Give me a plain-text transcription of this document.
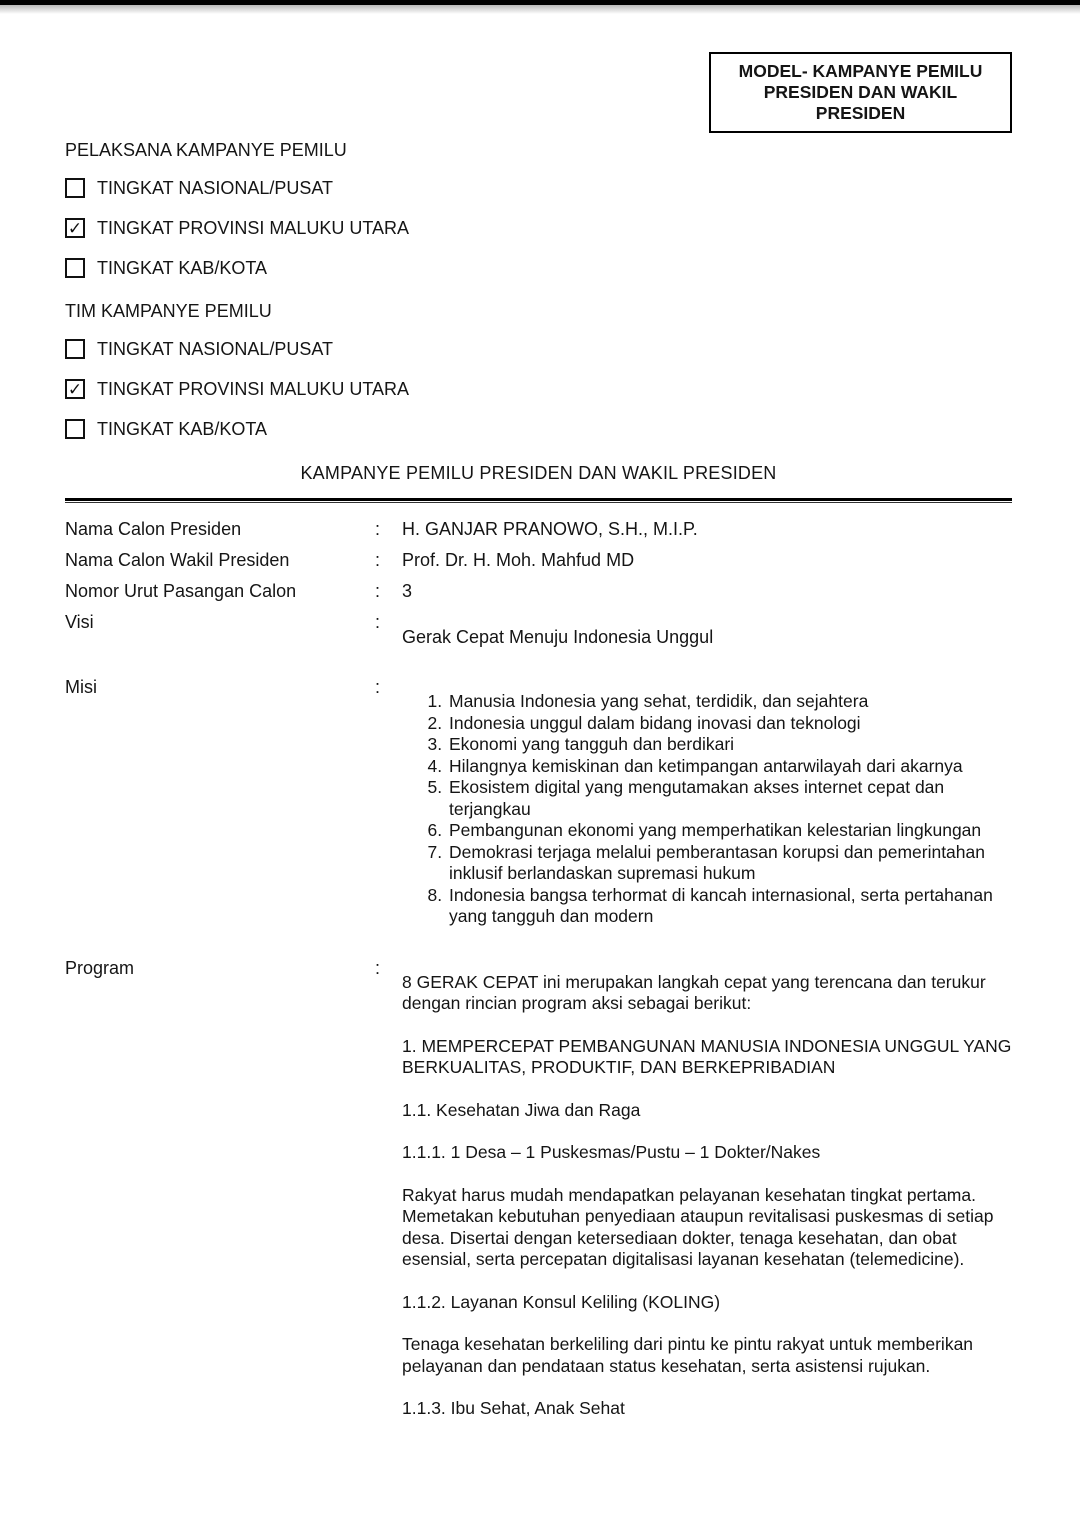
MODEL- KAMPANYE PEMILU PRESIDEN DAN WAKIL PRESIDEN
PELAKSANA KAMPANYE PEMILU
TINGKAT NASIONAL/PUSAT
✓ TINGKAT PROVINSI MALUKU UTARA
TINGKAT KAB/KOTA
TIM KAMPANYE PEMILU
TINGKAT NASIONAL/PUSAT
✓ TINGKAT PROVINSI MALUKU UTARA
TINGKAT KAB/KOTA
KAMPANYE PEMILU PRESIDEN DAN WAKIL PRESIDEN
Nama Calon Presiden	:	H. GANJAR PRANOWO, S.H., M.I.P.
Nama Calon Wakil Presiden	:	Prof. Dr. H. Moh. Mahfud MD
Nomor Urut Pasangan Calon	:	3
Visi	:
Gerak Cepat Menuju Indonesia Unggul
Misi	:
1. Manusia Indonesia yang sehat, terdidik, dan sejahtera
2. Indonesia unggul dalam bidang inovasi dan teknologi
3. Ekonomi yang tangguh dan berdikari
4. Hilangnya kemiskinan dan ketimpangan antarwilayah dari akarnya
5. Ekosistem digital yang mengutamakan akses internet cepat dan terjangkau
6. Pembangunan ekonomi yang memperhatikan kelestarian lingkungan
7. Demokrasi terjaga melalui pemberantasan korupsi dan pemerintahan inklusif berlandaskan supremasi hukum
8. Indonesia bangsa terhormat di kancah internasional, serta pertahanan yang tangguh dan modern
Program	:

8 GERAK CEPAT ini merupakan langkah cepat yang terencana dan terukur dengan rincian program aksi sebagai berikut:

1. MEMPERCEPAT PEMBANGUNAN MANUSIA INDONESIA UNGGUL YANG BERKUALITAS, PRODUKTIF, DAN BERKEPRIBADIAN

1.1. Kesehatan Jiwa dan Raga

1.1.1. 1 Desa – 1 Puskesmas/Pustu – 1 Dokter/Nakes

Rakyat harus mudah mendapatkan pelayanan kesehatan tingkat pertama. Memetakan kebutuhan penyediaan ataupun revitalisasi puskesmas di setiap desa. Disertai dengan ketersediaan dokter, tenaga kesehatan, dan obat esensial, serta percepatan digitalisasi layanan kesehatan (telemedicine).

1.1.2. Layanan Konsul Keliling (KOLING)

Tenaga kesehatan berkeliling dari pintu ke pintu rakyat untuk memberikan pelayanan dan pendataan status kesehatan, serta asistensi rujukan.

1.1.3. Ibu Sehat, Anak Sehat
